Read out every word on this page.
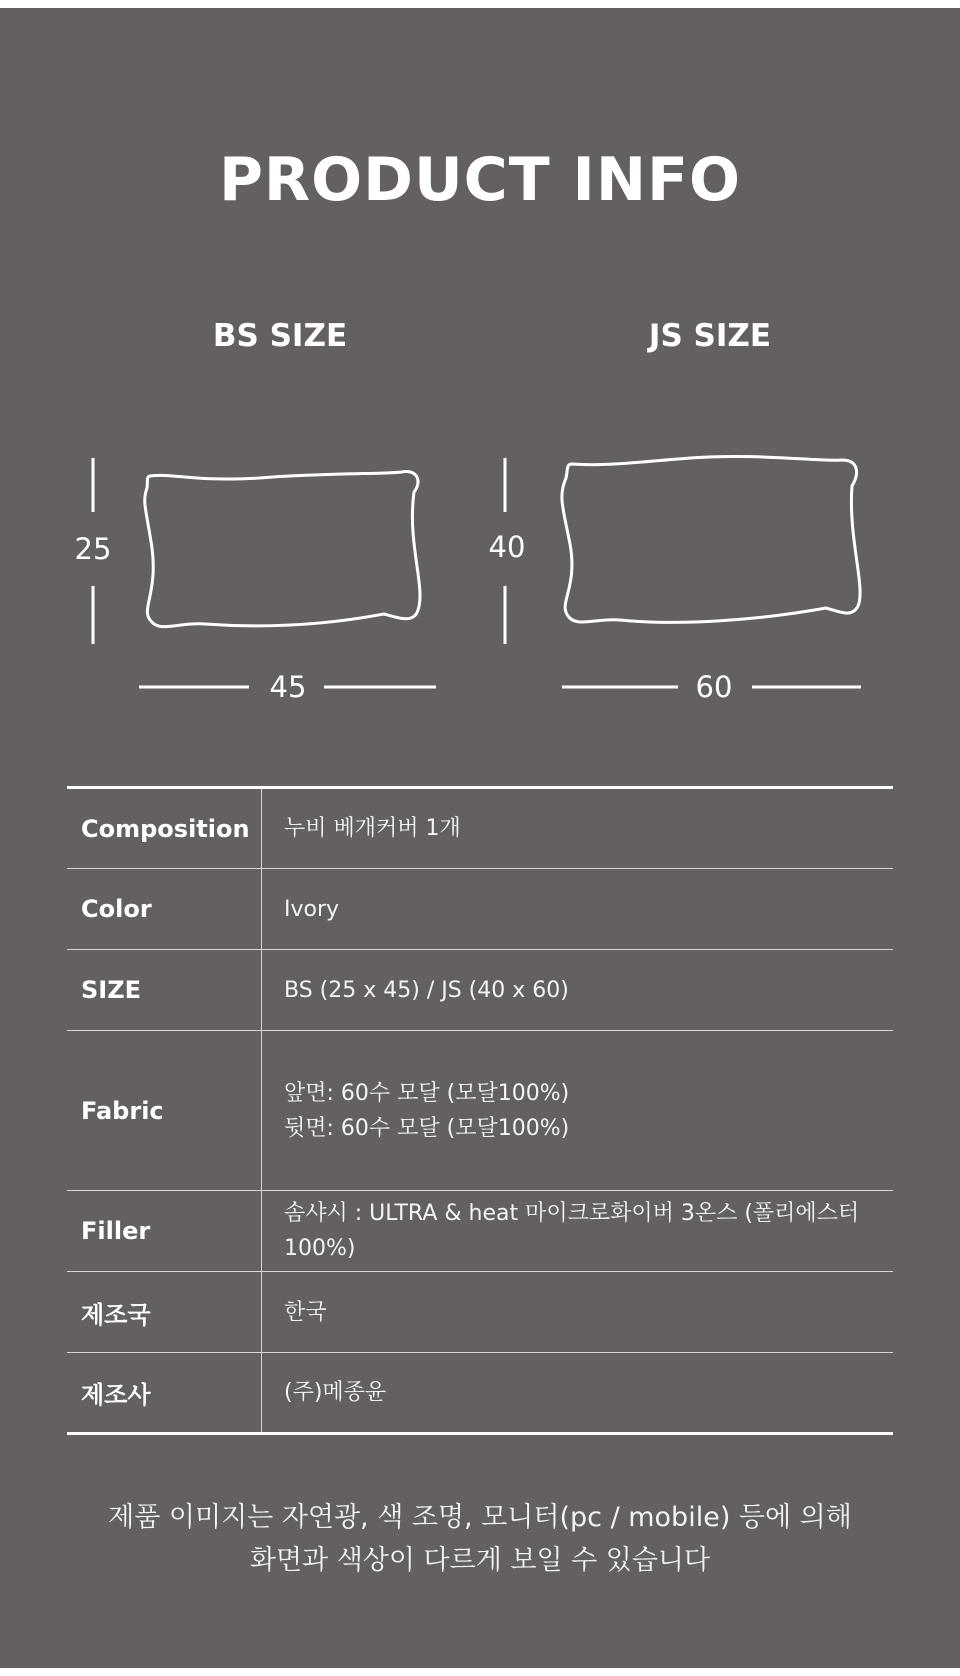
PRODUCT INFO
BS SIZE	JS SIZE
25
45
40
60
Composition	누비 베개커버 1개

Color	Ivory

SIZE	BS (25 x 45) / JS (40 x 60)

Fabric	앞면: 60수 모달 (모달100%)
뒷면: 60수 모달 (모달100%)

Filler	솜샤시 : ULTRA & heat 마이크로화이버 3온스 (폴리에스터 100%)

제조국	한국

제조사	(주)메종윤
제품 이미지는 자연광, 색 조명, 모니터(pc / mobile) 등에 의해
화면과 색상이 다르게 보일 수 있습니다
